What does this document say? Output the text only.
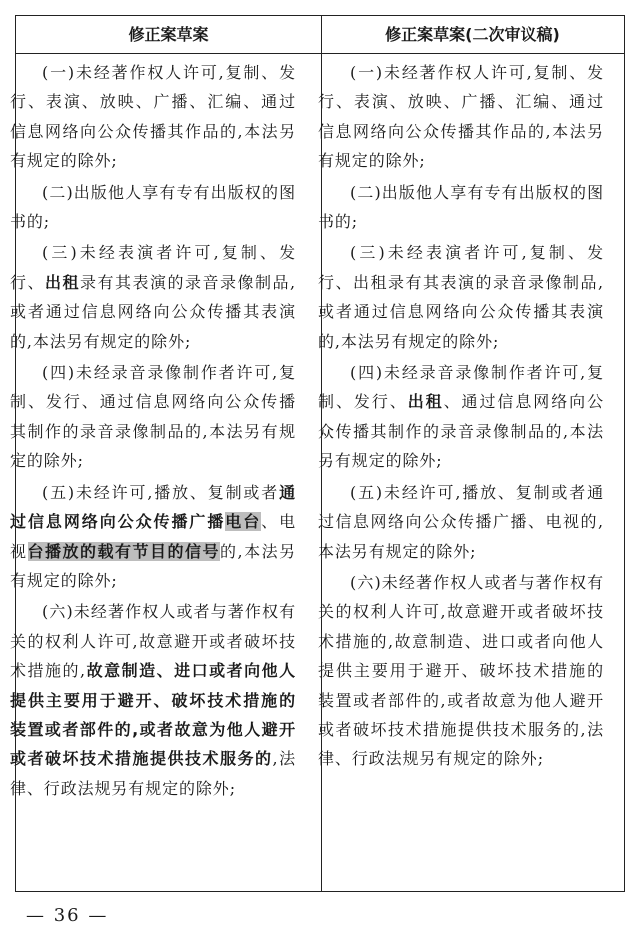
修正案草案	修正案草案(二次审议稿)

(一)未经著作权人许可,复制、发行、表演、放映、广播、汇编、通过信息网络向公众传播其作品的,本法另有规定的除外;

(二)出版他人享有专有出版权的图书的;

(三)未经表演者许可,复制、发行、出租录有其表演的录音录像制品,或者通过信息网络向公众传播其表演的,本法另有规定的除外;

(四)未经录音录像制作者许可,复制、发行、通过信息网络向公众传播其制作的录音录像制品的,本法另有规定的除外;

(五)未经许可,播放、复制或者通过信息网络向公众传播广播电台、电视台播放的载有节目的信号的,本法另有规定的除外;

(六)未经著作权人或者与著作权有关的权利人许可,故意避开或者破坏技术措施的,故意制造、进口或者向他人提供主要用于避开、破坏技术措施的装置或者部件的,或者故意为他人避开或者破坏技术措施提供技术服务的,法律、行政法规另有规定的除外;

(一)未经著作权人许可,复制、发行、表演、放映、广播、汇编、通过信息网络向公众传播其作品的,本法另有规定的除外;

(二)出版他人享有专有出版权的图书的;

(三)未经表演者许可,复制、发行、出租录有其表演的录音录像制品,或者通过信息网络向公众传播其表演的,本法另有规定的除外;

(四)未经录音录像制作者许可,复制、发行、出租、通过信息网络向公众传播其制作的录音录像制品的,本法另有规定的除外;

(五)未经许可,播放、复制或者通过信息网络向公众传播广播、电视的,本法另有规定的除外;

(六)未经著作权人或者与著作权有关的权利人许可,故意避开或者破坏技术措施的,故意制造、进口或者向他人提供主要用于避开、破坏技术措施的装置或者部件的,或者故意为他人避开或者破坏技术措施提供技术服务的,法律、行政法规另有规定的除外;

— 36 —
